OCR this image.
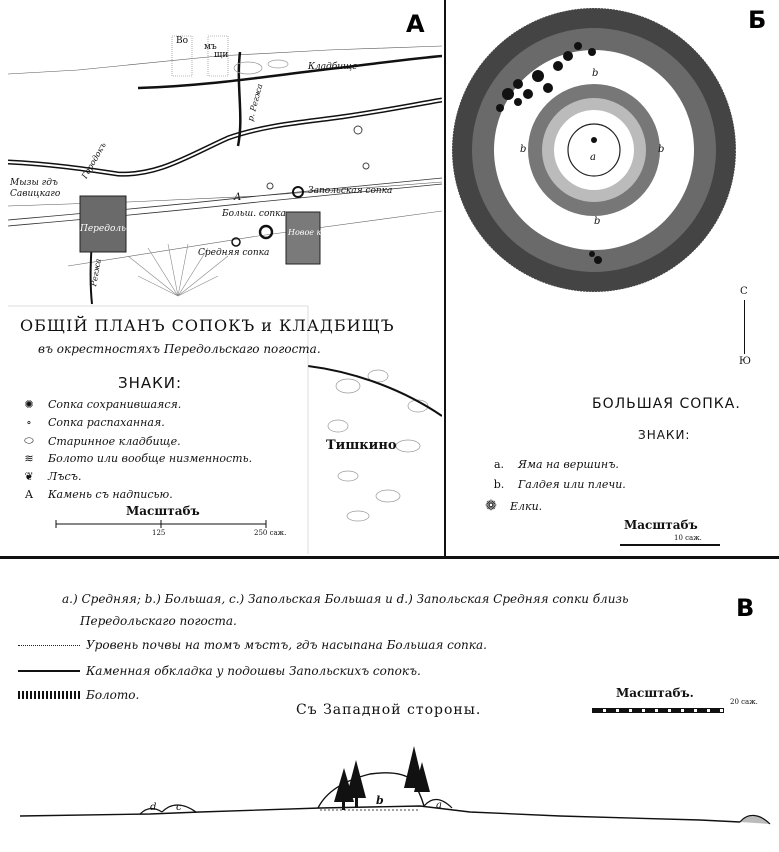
А
Во
щи
мъ
Кладбище
р. Регжа
Городокъ
Мызы гдъ Савицкаго	Запольская сопка
A
Больш. сопка
Передольскій пог.	Новое кладбище
Средняя сопка
Регжа
Тишкино
ОБЩIЙ ПЛАНЪ СОПОКЪ и КЛАДБИЩЪ
въ окрестностяхъ Передольскаго погоста.
ЗНАКИ:
✺	Сопка сохранившаяся.
∘	Сопка распаханная.
⬭	Старинное кладбище.
≋	Болото или вообще низменность.
❦	Лъсъ.
A	Камень съ надписью.
Масштабъ
125	250 саж.
Б
a
b
b	b
b
С
Ю
БОЛЬШАЯ СОПКА.
ЗНАКИ:
a.	Яма на вершинъ.
b.	Галдея или плечи.
❁	Елки.
Масштабъ
10 саж.
B
a.) Средняя; b.) Большая, c.) Запольская Большая и d.) Запольская Средняя сопки близь
Передольскаго погоста.
Уровень почвы на томъ мъстъ, гдъ насыпана Большая сопка.
Каменная обкладка у подошвы Запольскихъ сопокъ.
Болото.
Съ Западной стороны.
Масштабъ.
20 саж.
d c
b	a
